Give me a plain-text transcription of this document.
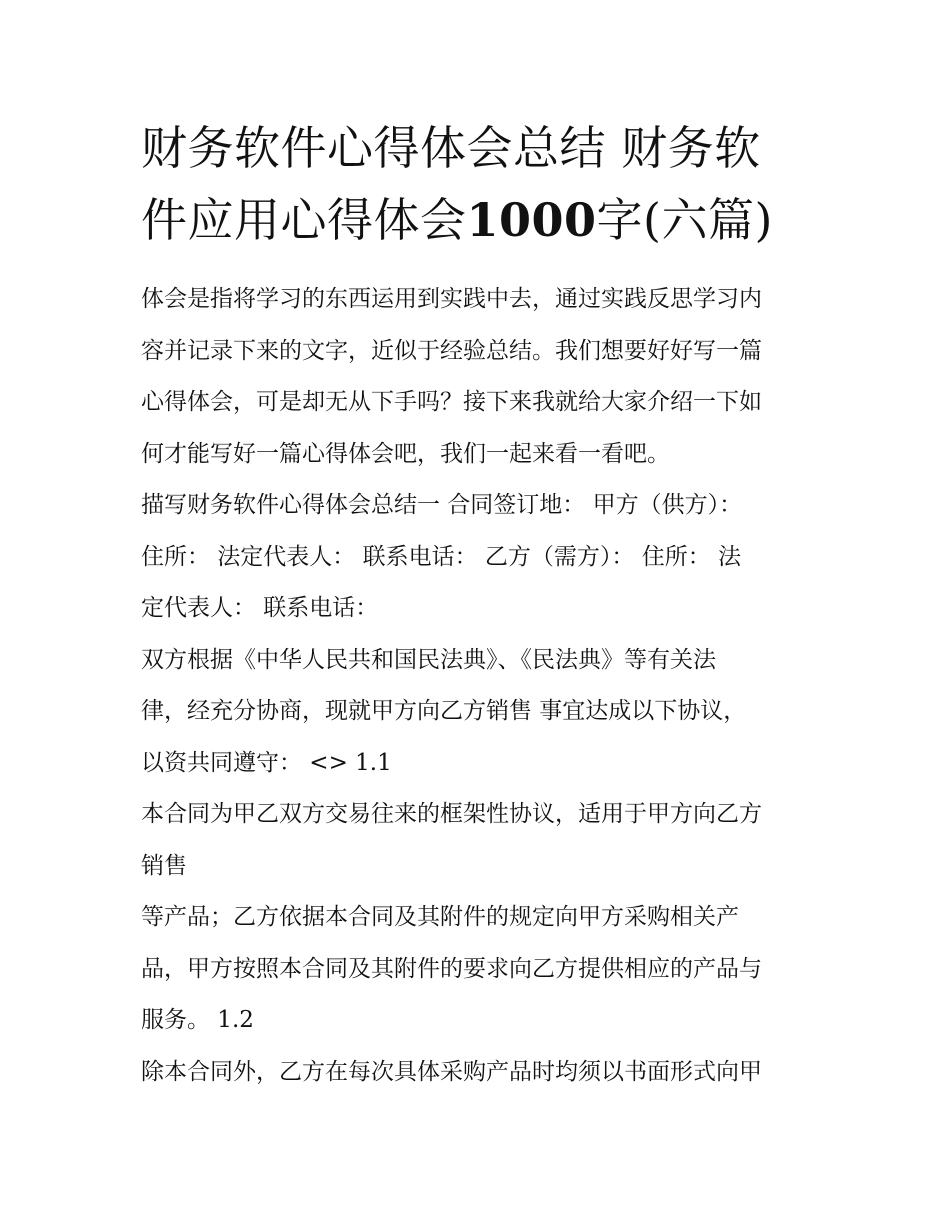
财务软件心得体会总结 财务软
件应用心得体会1000字(六篇)
体会是指将学习的东西运用到实践中去，通过实践反思学习内
容并记录下来的文字，近似于经验总结。我们想要好好写一篇
心得体会，可是却无从下手吗？接下来我就给大家介绍一下如
何才能写好一篇心得体会吧，我们一起来看一看吧。
描写财务软件心得体会总结一 合同签订地： 甲方（供方）：
住所： 法定代表人： 联系电话： 乙方（需方）： 住所： 法
定代表人： 联系电话：
双方根据《中华人民共和国民法典》、《民法典》等有关法
律，经充分协商，现就甲方向乙方销售 事宜达成以下协议，
以资共同遵守： <> 1.1
本合同为甲乙双方交易往来的框架性协议，适用于甲方向乙方
销售
等产品；乙方依据本合同及其附件的规定向甲方采购相关产
品，甲方按照本合同及其附件的要求向乙方提供相应的产品与
服务。 1.2
除本合同外，乙方在每次具体采购产品时均须以书面形式向甲
